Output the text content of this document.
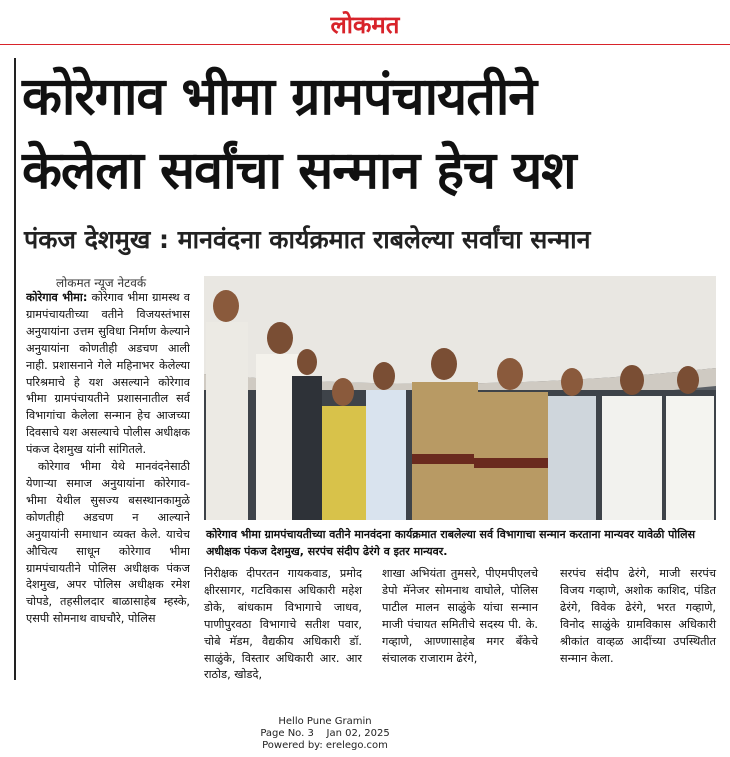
लोकमत
कोरेगाव भीमा ग्रामपंचायतीने
केलेला सर्वांचा सन्मान हेच यश
पंकज देशमुख : मानवंदना कार्यक्रमात राबलेल्या सर्वांचा सन्मान
लोकमत न्यूज नेटवर्क

कोरेगाव भीमा: कोरेगाव भीमा ग्रामस्थ व ग्रामपंचायतीच्या वतीने विजयस्तंभास अनुयायांना उत्तम सुविधा निर्माण केल्याने अनुयायांना कोणतीही अडचण आली नाही. प्रशासनाने गेले महिनाभर केलेल्या परिश्रमाचे हे यश असल्याने कोरेगाव भीमा ग्रामपंचायतीने प्रशासनातील सर्व विभागांचा केलेला सन्मान हेच आजच्या दिवसाचे यश असल्याचे पोलीस अधीक्षक पंकज देशमुख यांनी सांगितले.

कोरेगाव भीमा येथे मानवंदनेसाठी येणाऱ्या समाज अनुयायांना कोरेगाव-भीमा येथील सुसज्य बसस्थानकामुळे कोणतीही अडचण न आल्याने अनुयायांनी समाधान व्यक्त केले. याचेच औचित्य साधून कोरेगाव भीमा ग्रामपंचायतीने पोलिस अधीक्षक पंकज देशमुख, अपर पोलिस अधीक्षक रमेश चोपडे, तहसीलदार बाळासाहेब म्हस्के, एसपी सोमनाथ वाघचौरे, पोलिस

कोरेगाव भीमा ग्रामपंचायतीच्या वतीने मानवंदना कार्यक्रमात राबलेल्या सर्व विभागाचा सन्मान करताना मान्यवर यावेळी पोलिस अधीक्षक पंकज देशमुख, सरपंच संदीप ढेरंगे व इतर मान्यवर.

निरीक्षक दीपरतन गायकवाड, प्रमोद क्षीरसागर, गटविकास अधिकारी महेश डोके, बांधकाम विभागाचे जाधव, पाणीपुरवठा विभागाचे सतीश पवार, चोबे मॅडम, वैद्यकीय अधिकारी डॉ. साळुंके, विस्तार अधिकारी आर. आर राठोड, खोडदे,

शाखा अभियंता तुमसरे, पीएमपीएलचे डेपो मॅनेजर सोमनाथ वाघोले, पोलिस पाटील मालन साळुंके यांचा सन्मान माजी पंचायत समितीचे सदस्य पी. के. गव्हाणे, आण्णासाहेब मगर बँकेचे संचालक राजाराम ढेरंगे,

सरपंच संदीप ढेरंगे, माजी सरपंच विजय गव्हाणे, अशोक काशिद, पंडित ढेरंगे, विवेक ढेरंगे, भरत गव्हाणे, विनोद साळुंके ग्रामविकास अधिकारी श्रीकांत वाव्हळ आदींच्या उपस्थितीत सन्मान केला.

Hello Pune Gramin
Page No. 3    Jan 02, 2025
Powered by: erelego.com
